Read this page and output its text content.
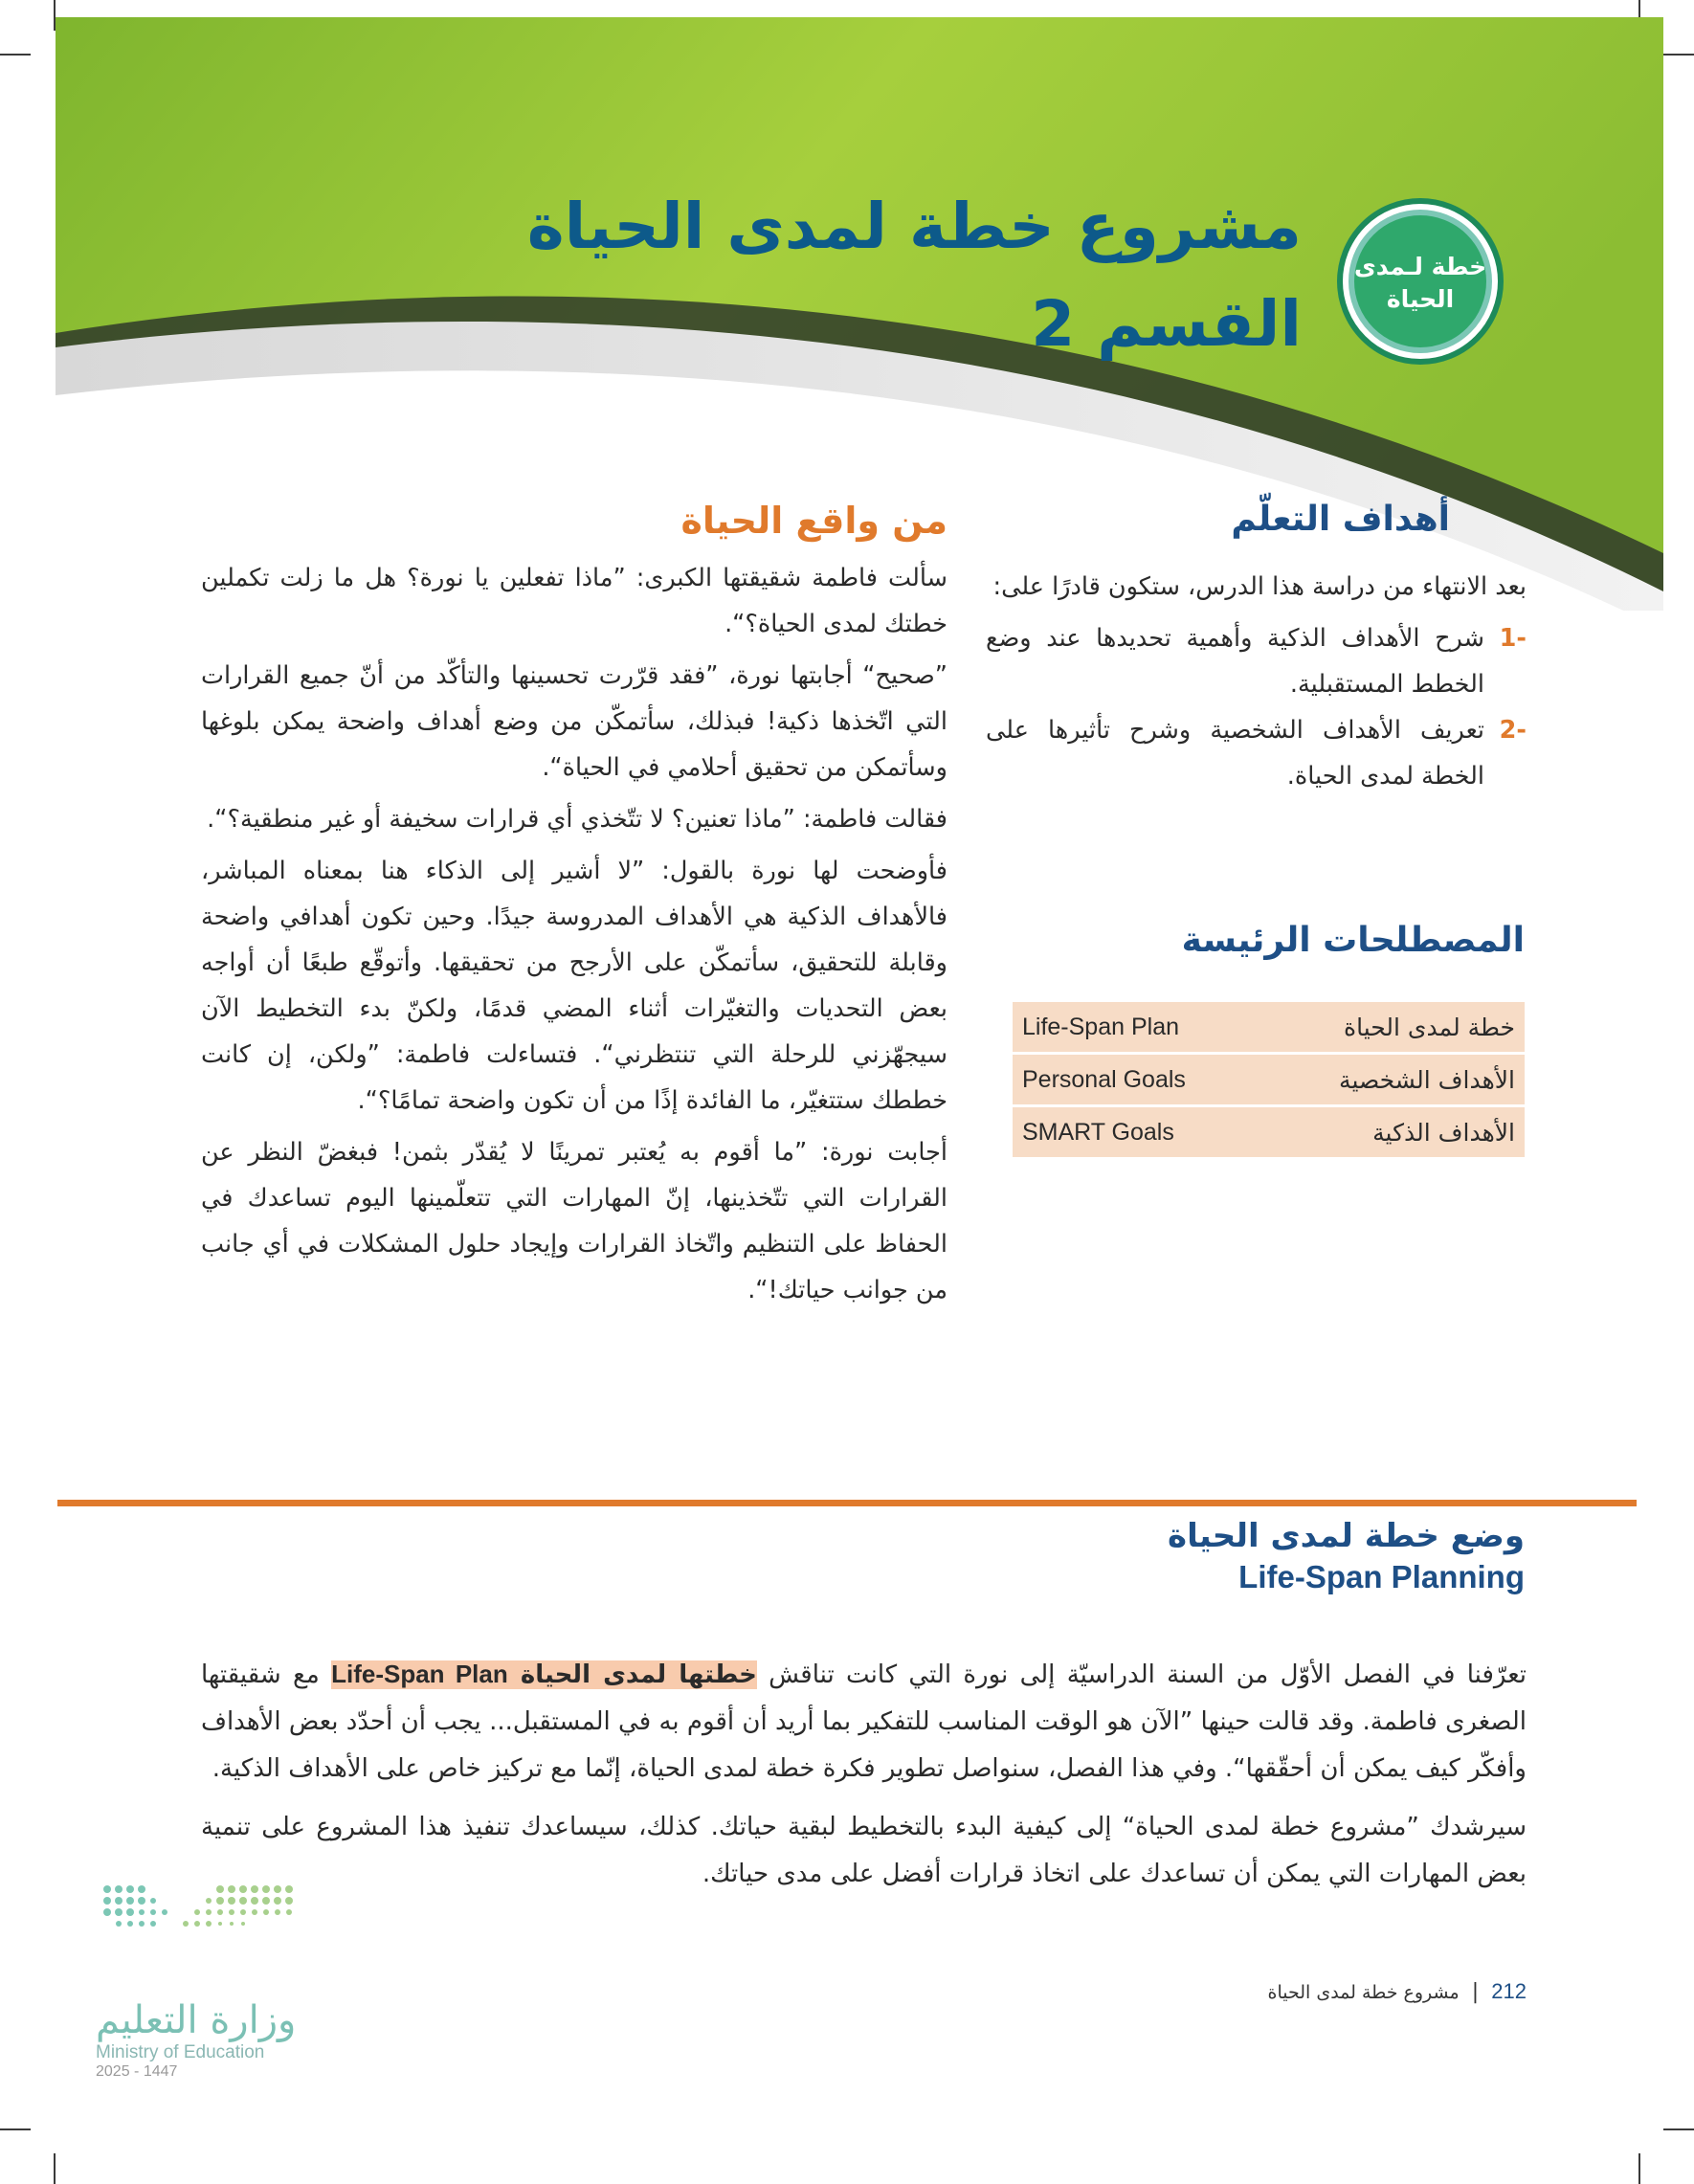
خطة لـمدى
الحياة
مشروع خطة لمدى الحياة
القسم 2
أهداف التعلّم
بعد الانتهاء من دراسة هذا الدرس، ستكون قادرًا على:
1-
شرح الأهداف الذكية وأهمية تحديدها عند وضع الخطط المستقبلية.
2-
تعريف الأهداف الشخصية وشرح تأثيرها على الخطة لمدى الحياة.
المصطلحات الرئيسة
Life-Span Plan	خطة لمدى الحياة
Personal Goals	الأهداف الشخصية
SMART Goals	الأهداف الذكية
من واقع الحياة

سألت فاطمة شقيقتها الكبرى: ”ماذا تفعلين يا نورة؟ هل ما زلت تكملين خطتك لمدى الحياة؟“.

”صحيح“ أجابتها نورة، ”فقد قرّرت تحسينها والتأكّد من أنّ جميع القرارات التي اتّخذها ذكية! فبذلك، سأتمكّن من وضع أهداف واضحة يمكن بلوغها وسأتمكن من تحقيق أحلامي في الحياة“.

فقالت فاطمة: ”ماذا تعنين؟ لا تتّخذي أي قرارات سخيفة أو غير منطقية؟“.

فأوضحت لها نورة بالقول: ”لا أشير إلى الذكاء هنا بمعناه المباشر، فالأهداف الذكية هي الأهداف المدروسة جيدًا. وحين تكون أهدافي واضحة وقابلة للتحقيق، سأتمكّن على الأرجح من تحقيقها. وأتوقّع طبعًا أن أواجه بعض التحديات والتغيّرات أثناء المضي قدمًا، ولكنّ بدء التخطيط الآن سيجهّزني للرحلة التي تنتظرني“. فتساءلت فاطمة: ”ولكن، إن كانت خططك ستتغيّر، ما الفائدة إذًا من أن تكون واضحة تمامًا؟“.

أجابت نورة: ”ما أقوم به يُعتبر تمرينًا لا يُقدّر بثمن! فبغضّ النظر عن القرارات التي تتّخذينها، إنّ المهارات التي تتعلّمينها اليوم تساعدك في الحفاظ على التنظيم واتّخاذ القرارات وإيجاد حلول المشكلات في أي جانب من جوانب حياتك!“.

وضع خطة لمدى الحياة
Life-Span Planning

تعرّفنا في الفصل الأوّل من السنة الدراسيّة إلى نورة التي كانت تناقش خطتها لمدى الحياة Life-Span Plan مع شقيقتها الصغرى فاطمة. وقد قالت حينها ”الآن هو الوقت المناسب للتفكير بما أريد أن أقوم به في المستقبل... يجب أن أحدّد بعض الأهداف وأفكّر كيف يمكن أن أحقّقها“. وفي هذا الفصل، سنواصل تطوير فكرة خطة لمدى الحياة، إنّما مع تركيز خاص على الأهداف الذكية.

سيرشدك ”مشروع خطة لمدى الحياة“ إلى كيفية البدء بالتخطيط لبقية حياتك. كذلك، سيساعدك تنفيذ هذا المشروع على تنمية بعض المهارات التي يمكن أن تساعدك على اتخاذ قرارات أفضل على مدى حياتك.

212 | مشروع خطة لمدى الحياة
وزارة التعليم
Ministry of Education
2025 - 1447
